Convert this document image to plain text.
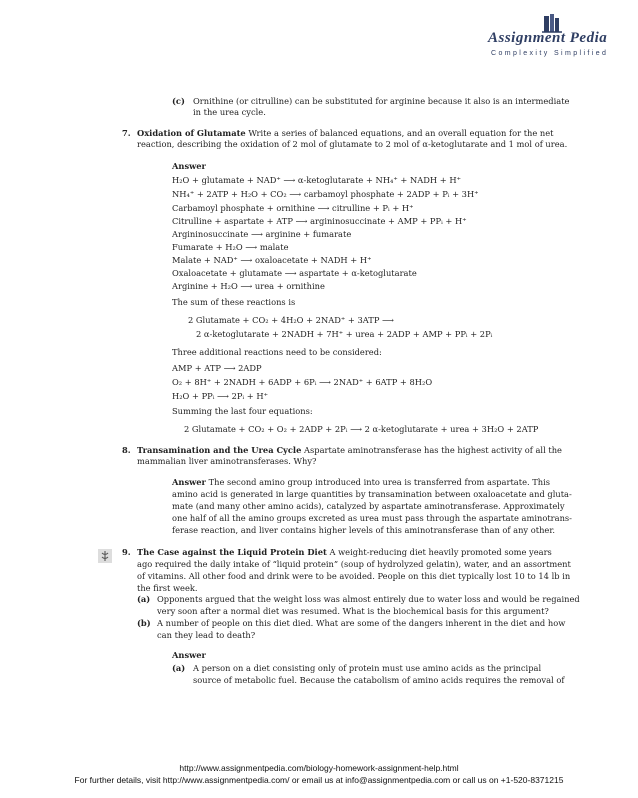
Assignment Pedia
Complexity Simplified
(c) Ornithine (or citrulline) can be substituted for arginine because it also is an intermediate
in the urea cycle.
7. Oxidation of Glutamate Write a series of balanced equations, and an overall equation for the net
reaction, describing the oxidation of 2 mol of glutamate to 2 mol of α-ketoglutarate and 1 mol of urea.
Answer
H₂O + glutamate + NAD⁺ ⟶ α-ketoglutarate + NH₄⁺ + NADH + H⁺
NH₄⁺ + 2ATP + H₂O + CO₂ ⟶ carbamoyl phosphate + 2ADP + Pᵢ + 3H⁺
Carbamoyl phosphate + ornithine ⟶ citrulline + Pᵢ + H⁺
Citrulline + aspartate + ATP ⟶ argininosuccinate + AMP + PPᵢ + H⁺
Argininosuccinate ⟶ arginine + fumarate
Fumarate + H₂O ⟶ malate
Malate + NAD⁺ ⟶ oxaloacetate + NADH + H⁺
Oxaloacetate + glutamate ⟶ aspartate + α-ketoglutarate
Arginine + H₂O ⟶ urea + ornithine
The sum of these reactions is
2 Glutamate + CO₂ + 4H₂O + 2NAD⁺ + 3ATP ⟶
2 α-ketoglutarate + 2NADH + 7H⁺ + urea + 2ADP + AMP + PPᵢ + 2Pᵢ
Three additional reactions need to be considered:
AMP + ATP ⟶ 2ADP
O₂ + 8H⁺ + 2NADH + 6ADP + 6Pᵢ ⟶ 2NAD⁺ + 6ATP + 8H₂O
H₂O + PPᵢ ⟶ 2Pᵢ + H⁺
Summing the last four equations:
2 Glutamate + CO₂ + O₂ + 2ADP + 2Pᵢ ⟶ 2 α-ketoglutarate + urea + 3H₂O + 2ATP
8. Transamination and the Urea Cycle Aspartate aminotransferase has the highest activity of all the
mammalian liver aminotransferases. Why?
Answer The second amino group introduced into urea is transferred from aspartate. This
amino acid is generated in large quantities by transamination between oxaloacetate and gluta-
mate (and many other amino acids), catalyzed by aspartate aminotransferase. Approximately
one half of all the amino groups excreted as urea must pass through the aspartate aminotrans-
ferase reaction, and liver contains higher levels of this aminotransferase than of any other.
9. The Case against the Liquid Protein Diet A weight-reducing diet heavily promoted some years
ago required the daily intake of “liquid protein” (soup of hydrolyzed gelatin), water, and an assortment
of vitamins. All other food and drink were to be avoided. People on this diet typically lost 10 to 14 lb in
the first week.
(a) Opponents argued that the weight loss was almost entirely due to water loss and would be regained
very soon after a normal diet was resumed. What is the biochemical basis for this argument?
(b) A number of people on this diet died. What are some of the dangers inherent in the diet and how
can they lead to death?
Answer
(a) A person on a diet consisting only of protein must use amino acids as the principal
source of metabolic fuel. Because the catabolism of amino acids requires the removal of
http://www.assignmentpedia.com/biology-homework-assignment-help.html
For further details, visit http://www.assignmentpedia.com/ or email us at info@assignmentpedia.com or call us on +1-520-8371215
